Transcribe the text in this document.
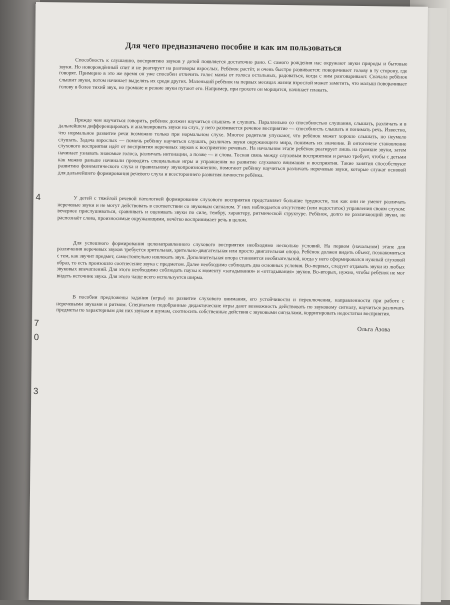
4
7
0
3
Для чего предназначено пособие и как им пользоваться

Способность к слушанию, восприятию звуков у детей появляется достаточно рано. С самого рождения нас окружают звуки природы и бытовые звуки. Но новорождённый спит и не реагирует на разговоры взрослых. Ребёнок растёт, и очень быстро развивается: поворачивает голову в ту сторону, где говорят. Примерно в это же время он уже способен отличить голос мамы от голоса остальных, радоваться, когда с ним разговаривают. Сначала ребёнок слышит звуки, потом начинает выделять их среди других. Маленький ребёнок на первых месяцах жизни взрослой может заметить, что малыш поворачивает голову в более тихий звук, но громкие и резкие звуки пугают его. Например, при грохоте он морщится, начинает плакать.

Прежде чем научиться говорить, ребёнок должен научиться слышать и слушать. Параллельно со способностью слушания, слышать, различать и в дальнейшем дифференцировать и анализировать звуки на слух, у него развивается речевое восприятие — способность слышать и понимать речь. Известно, что нормальное развитие речи возможно только при нормальном слухе. Многое родители упускают, что ребёнок может хорошо слышать, но неумело слушать. Задача взрослых — помочь ребёнку научиться слушать, различать звуки окружающего мира, понимать их значение. В онтогенезе становление слухового восприятия идёт от восприятия неречевых звуков к восприятию речевых. На начальном этапе ребёнок реагирует лишь на громкие звуки, затем начинает узнавать знакомые голоса, различать интонации, а позже — и слова. Тесная связь между слуховым восприятием и речью требует, чтобы с детьми как можно раньше начинали проводить специальные игры и упражнения на развитие слухового внимания и восприятия. Такие занятия способствуют развитию фонематического слуха и правильному звукопроизношению, помогают ребёнку научиться различать неречевые звуки, которые служат основой для дальнейшего формирования речевого слуха и всестороннего развития личности ребёнка.

У детей с тяжёлой речевой патологией формирование слухового восприятия представляет большие трудности, так как они не умеют различать неречевые звуки и не могут действовать в соответствии со звуковым сигналом. У них наблюдается отсутствие (или недостаток) управления своим слухом: вечернее прислушиваться, сравнивать и оценивать звуки по силе, тембру, характеру, ритмической структуре. Ребёнок, долго не различающий звуки, не распознаёт слова, произносимые окружающими, нечётко воспринимает речь в целом.

Для успешного формирования целенаправленного слухового восприятия необходимо несколько условий. На первом (начальном) этапе для различения неречевых звуков требуется зрительная, зрительно-двигательная или просто двигательная опора. Ребёнок должен видеть объект, познакомиться с тем, как звучит предмет, самостоятельно извлекать звук. Дополнительная опора становится необязательной, когда у него сформировался нужный слуховой образ, то есть произошло соотнесение звука с предметом. Далее необходимо соблюдать два основных условия. Во-первых, следует отдавать звуки из любых звуковых впечатлений. Для этого необходимо соблюдать паузы к моменту «загадывания» и «отгадывания» звуков. Во-вторых, нужно, чтобы ребёнок не мог видеть источник звука. Для этого чаще всего используется ширма.

В пособии предложены задания (игры) на развитие слухового внимания, его устойчивости и переключения, направленности при работе с неречевыми звуками и ритмом. Специально подобранные дидактические игры дают возможность действовать по звуковому сигналу, научиться различать предметы по характерным для них звукам и шумам, соотносить собственные действия с звуковыми сигналами, корригировать недостатки восприятия.

Ольга Азова
